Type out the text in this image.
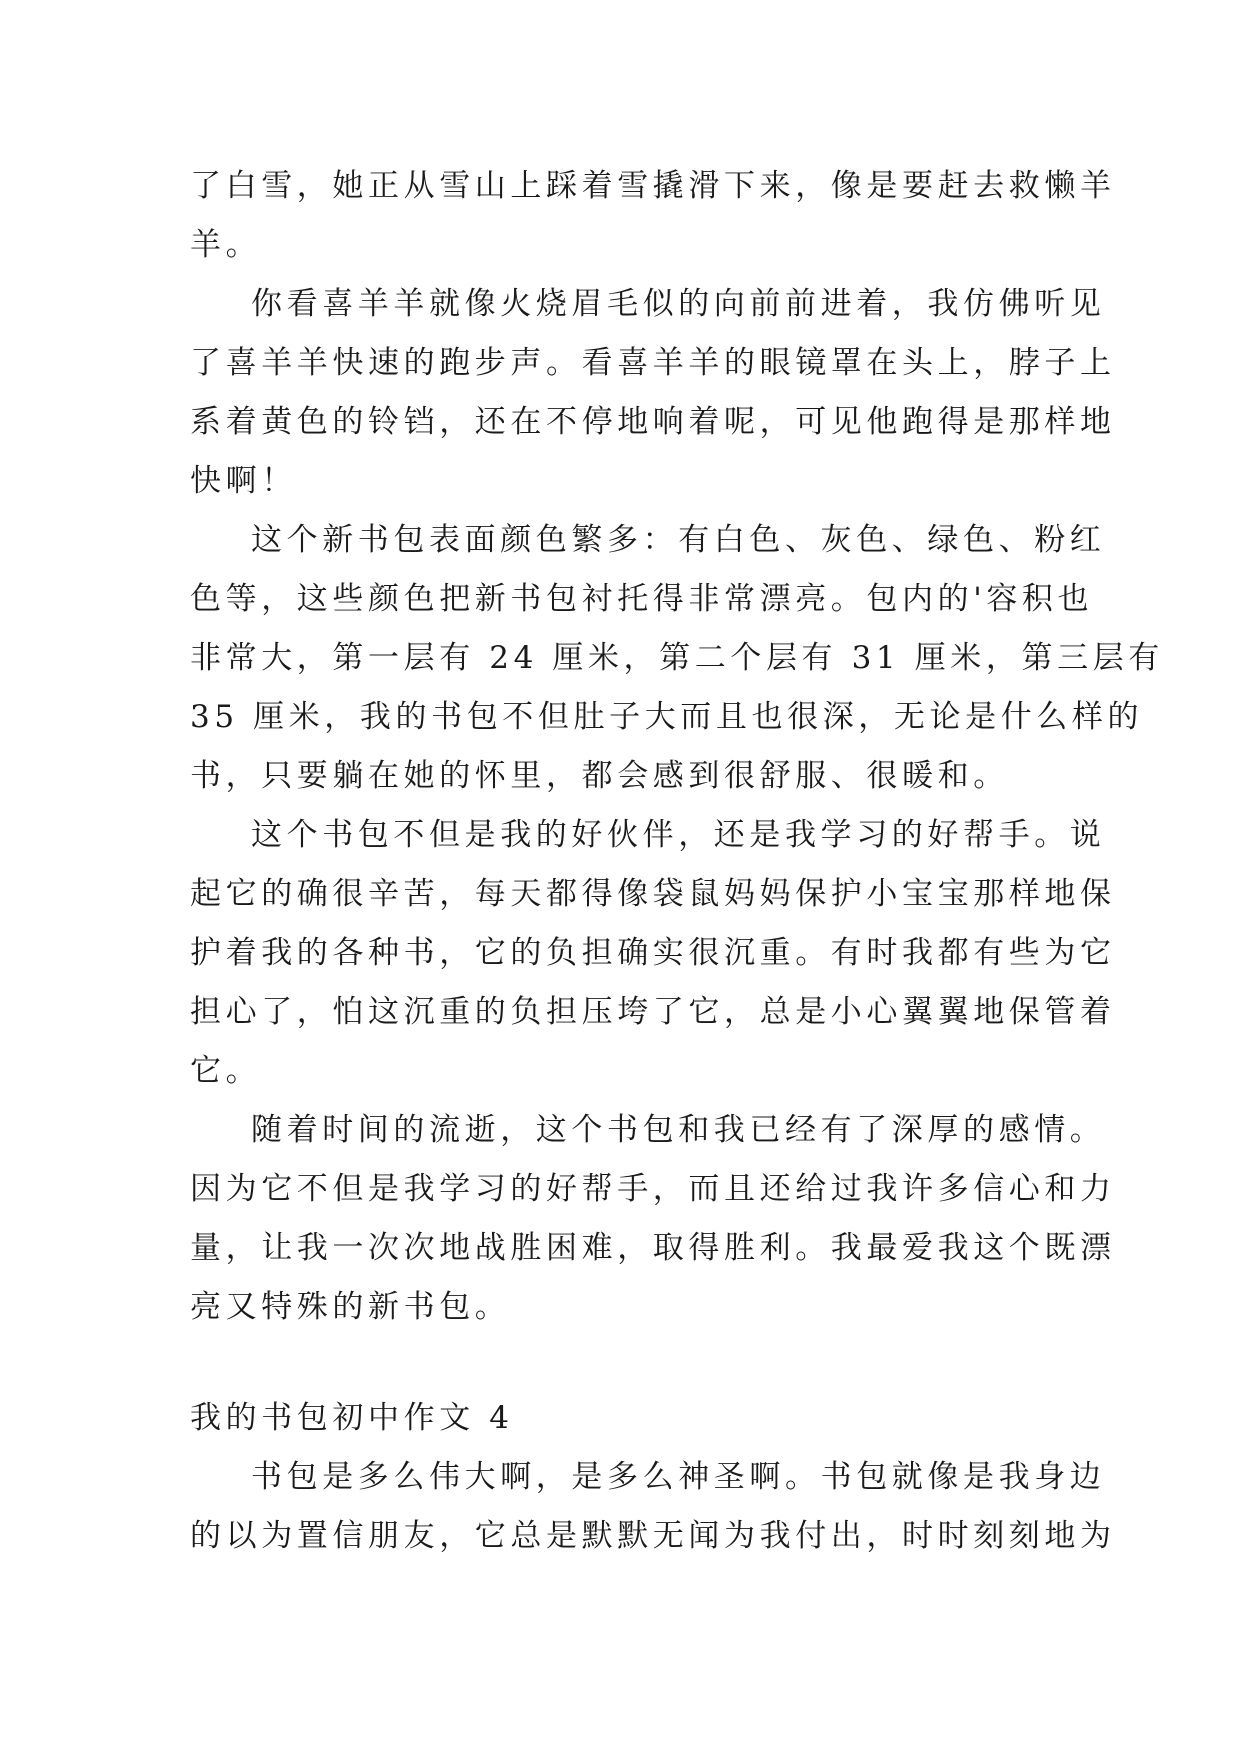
了白雪，她正从雪山上踩着雪撬滑下来，像是要赶去救懒羊
羊。
你看喜羊羊就像火烧眉毛似的向前前进着，我仿佛听见
了喜羊羊快速的跑步声。看喜羊羊的眼镜罩在头上，脖子上
系着黄色的铃铛，还在不停地响着呢，可见他跑得是那样地
快啊！
这个新书包表面颜色繁多：有白色、灰色、绿色、粉红
色等，这些颜色把新书包衬托得非常漂亮。包内的'容积也
非常大，第一层有 24 厘米，第二个层有 31 厘米，第三层有
35 厘米，我的书包不但肚子大而且也很深，无论是什么样的
书，只要躺在她的怀里，都会感到很舒服、很暖和。
这个书包不但是我的好伙伴，还是我学习的好帮手。说
起它的确很辛苦，每天都得像袋鼠妈妈保护小宝宝那样地保
护着我的各种书，它的负担确实很沉重。有时我都有些为它
担心了，怕这沉重的负担压垮了它，总是小心翼翼地保管着
它。
随着时间的流逝，这个书包和我已经有了深厚的感情。
因为它不但是我学习的好帮手，而且还给过我许多信心和力
量，让我一次次地战胜困难，取得胜利。我最爱我这个既漂
亮又特殊的新书包。
我的书包初中作文 4
书包是多么伟大啊，是多么神圣啊。书包就像是我身边
的以为置信朋友，它总是默默无闻为我付出，时时刻刻地为
